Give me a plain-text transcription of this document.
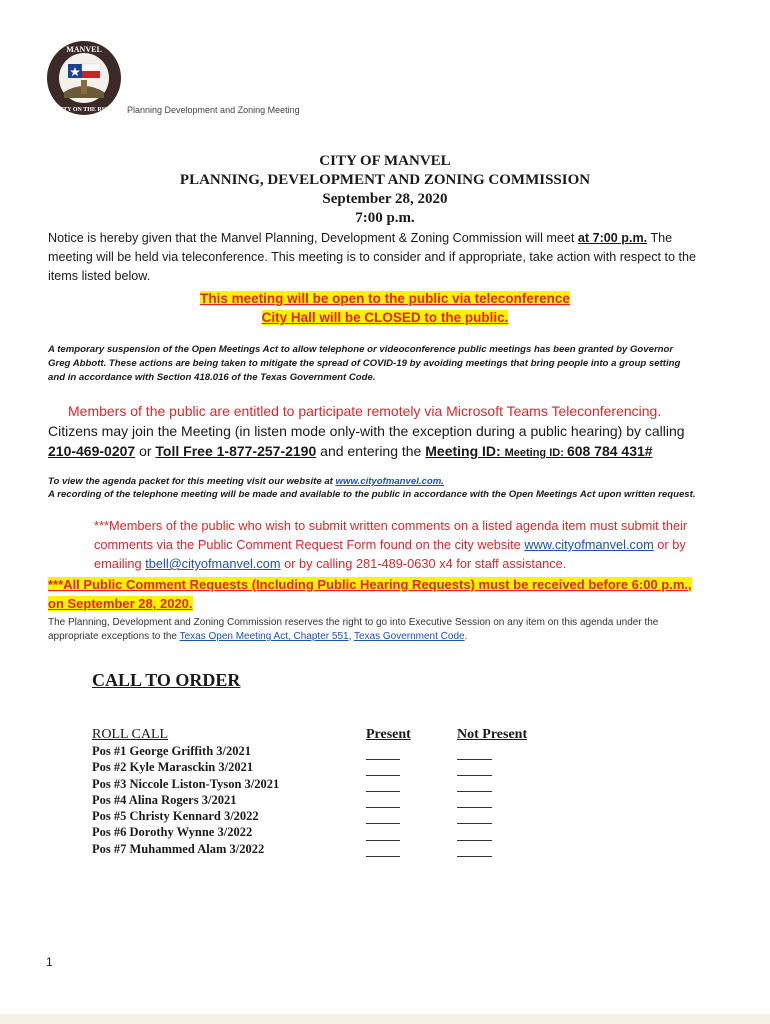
MANVEL
CITY ON THE RISE Planning Development and Zoning Meeting
CITY OF MANVEL
PLANNING, DEVELOPMENT AND ZONING COMMISSION
September 28, 2020
7:00 p.m.
Notice is hereby given that the Manvel Planning, Development & Zoning Commission will meet at 7:00 p.m. The meeting will be held via teleconference. This meeting is to consider and if appropriate, take action with respect to the items listed below.
This meeting will be open to the public via teleconference
City Hall will be CLOSED to the public.
A temporary suspension of the Open Meetings Act to allow telephone or videoconference public meetings has been granted by Governor Greg Abbott. These actions are being taken to mitigate the spread of COVID-19 by avoiding meetings that bring people into a group setting and in accordance with Section 418.016 of the Texas Government Code.
Members of the public are entitled to participate remotely via Microsoft Teams Teleconferencing.
Citizens may join the Meeting (in listen mode only-with the exception during a public hearing) by calling 210-469-0207 or Toll Free 1-877-257-2190 and entering the Meeting ID: Meeting ID: 608 784 431#
To view the agenda packet for this meeting visit our website at www.cityofmanvel.com.
A recording of the telephone meeting will be made and available to the public in accordance with the Open Meetings Act upon written request.
***Members of the public who wish to submit written comments on a listed agenda item must submit their comments via the Public Comment Request Form found on the city website www.cityofmanvel.com or by emailing tbell@cityofmanvel.com or by calling 281-489-0630 x4 for staff assistance.
***All Public Comment Requests (Including Public Hearing Requests) must be received before 6:00 p.m., on September 28, 2020.
The Planning, Development and Zoning Commission reserves the right to go into Executive Session on any item on this agenda under the appropriate exceptions to the Texas Open Meeting Act, Chapter 551, Texas Government Code.
CALL TO ORDER
ROLL CALL	Present	Not Present
Pos #1 George Griffith 3/2021
Pos #2 Kyle Marasckin 3/2021
Pos #3 Niccole Liston-Tyson 3/2021
Pos #4 Alina Rogers 3/2021
Pos #5 Christy Kennard 3/2022
Pos #6 Dorothy Wynne 3/2022
Pos #7 Muhammed Alam 3/2022
1
